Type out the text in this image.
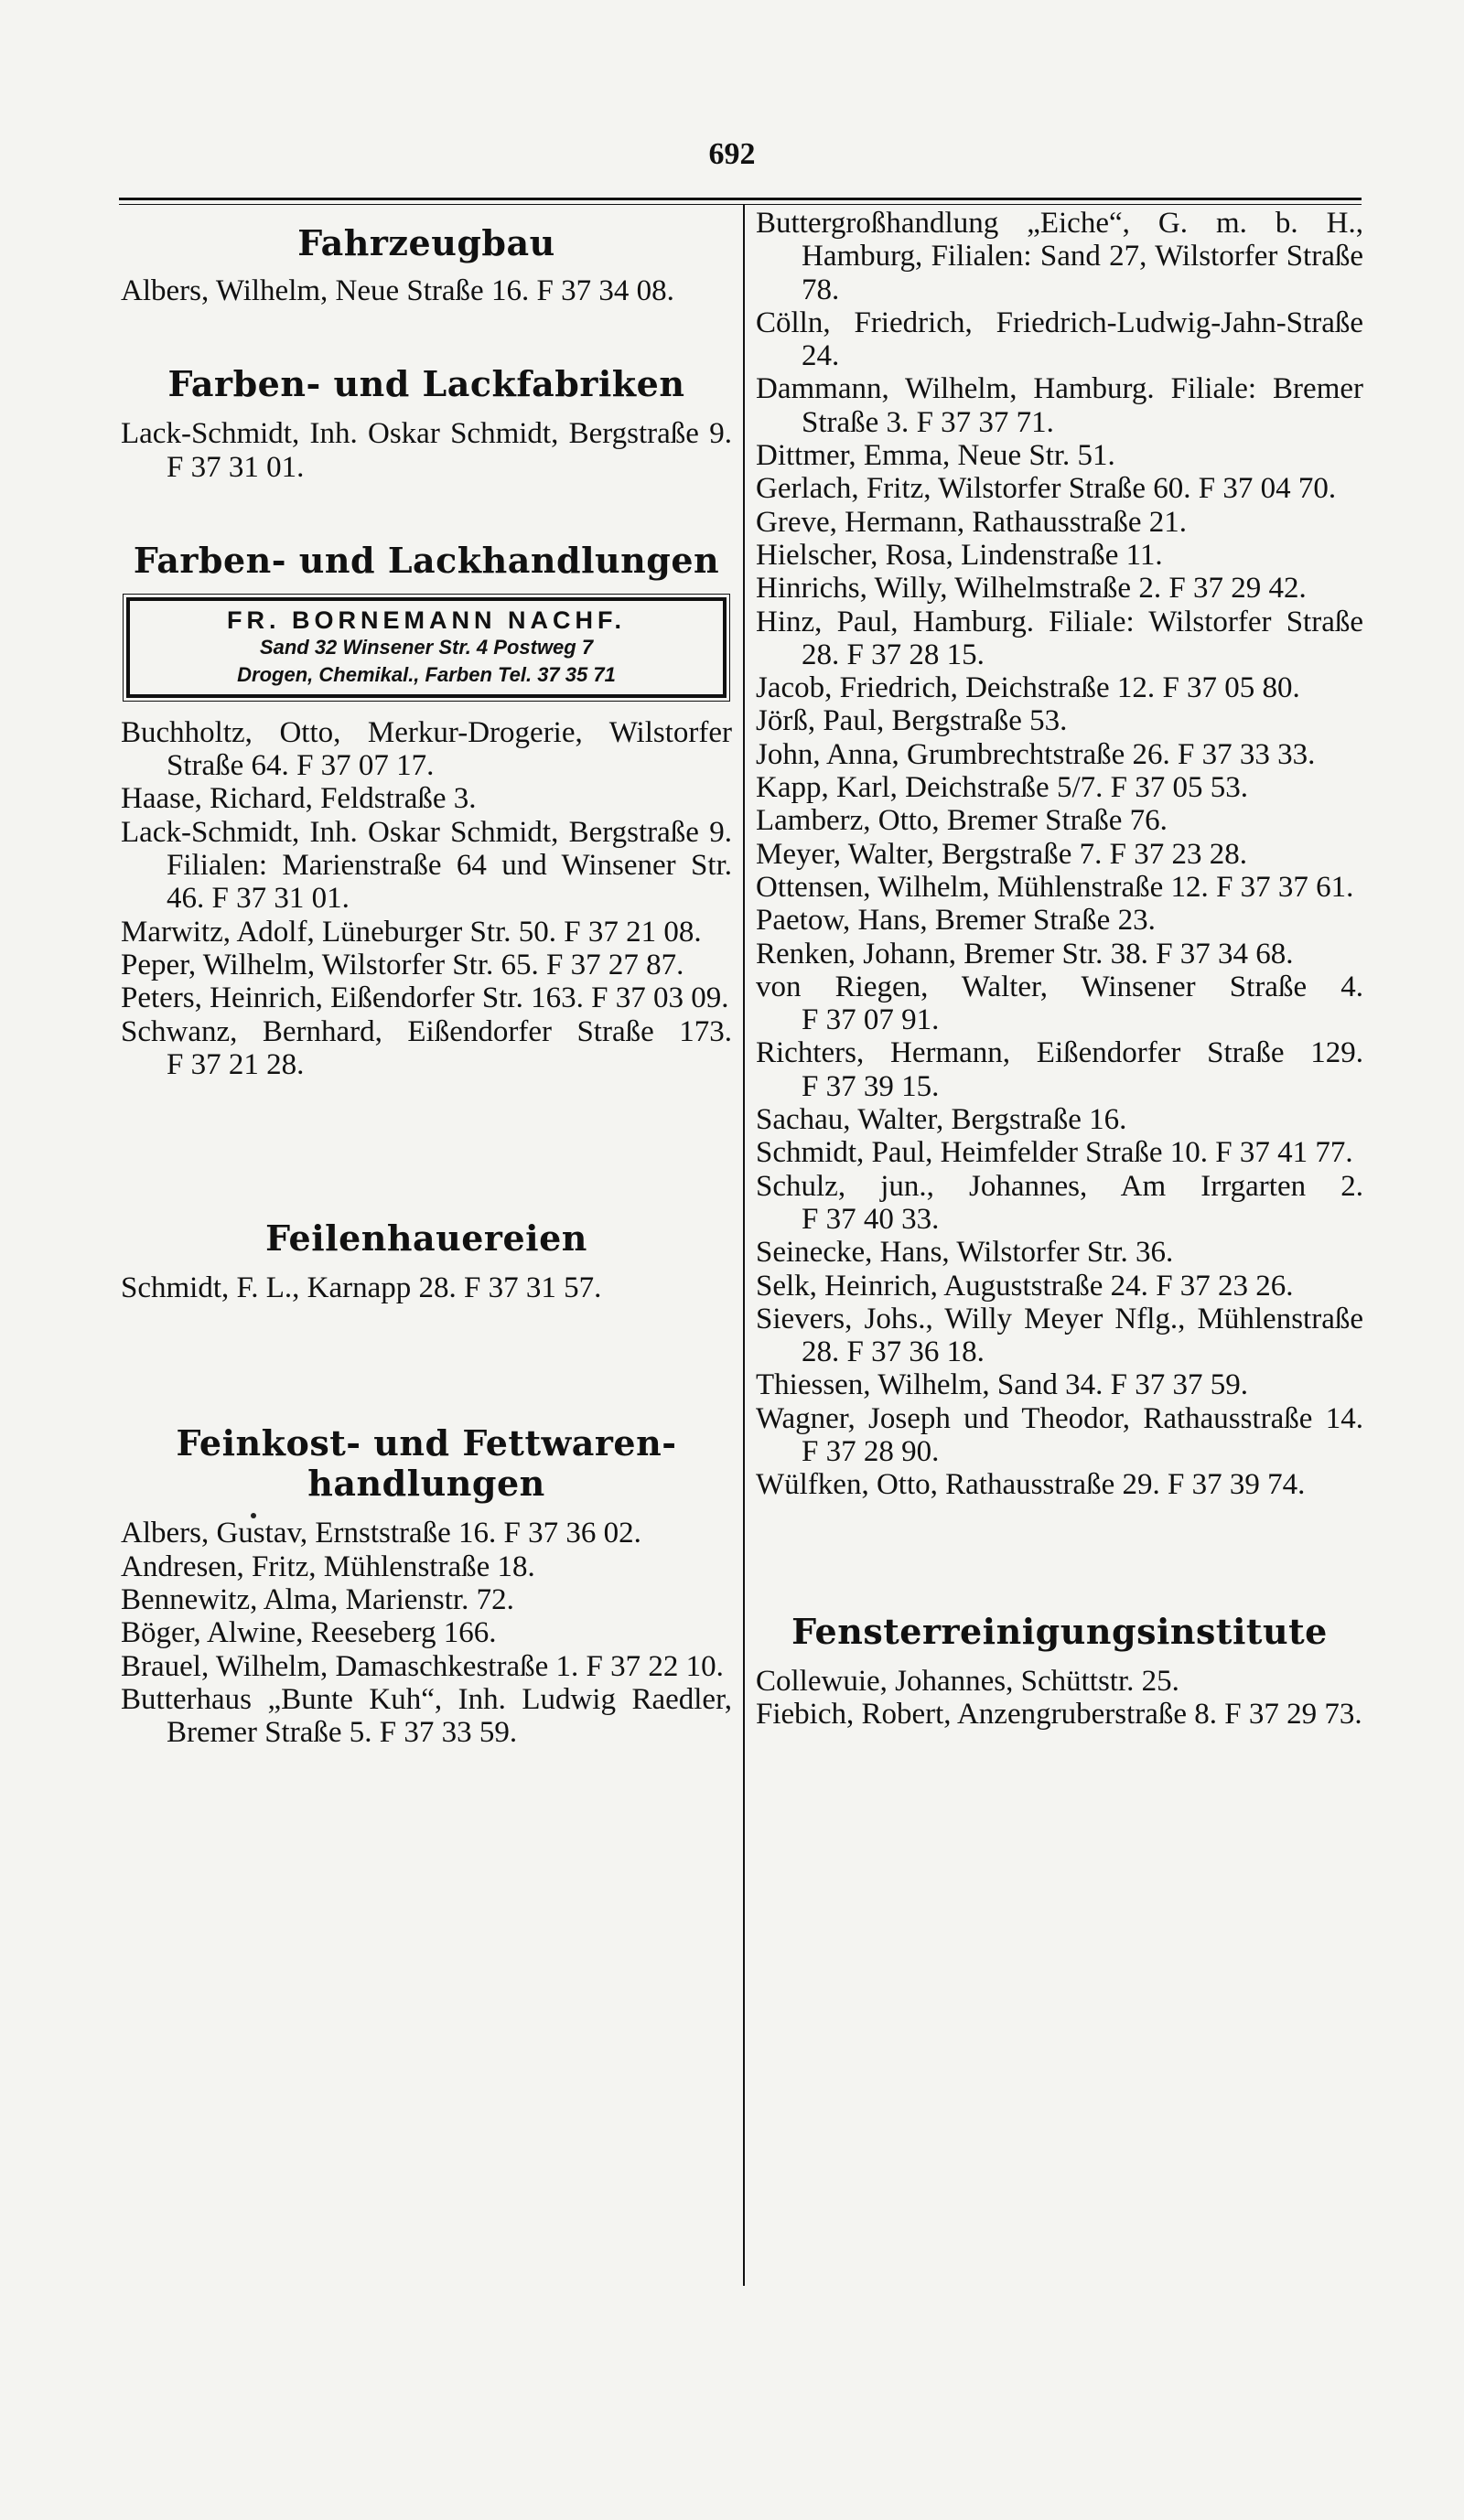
692

Fahrzeugbau

Albers, Wilhelm, Neue Straße 16. F 37 34 08.

Farben- und Lackfabriken

Lack-Schmidt, Inh. Oskar Schmidt, Bergstraße 9. F 37 31 01.

Farben- und Lackhandlungen

FR. BORNEMANN NACHF.
Sand 32 Winsener Str. 4 Postweg 7
Drogen, Chemikal., Farben Tel. 37 35 71

Buchholtz, Otto, Merkur-Drogerie, Wilstorfer Straße 64. F 37 07 17.

Haase, Richard, Feldstraße 3.

Lack-Schmidt, Inh. Oskar Schmidt, Bergstraße 9. Filialen: Marienstraße 64 und Winsener Str. 46. F 37 31 01.

Marwitz, Adolf, Lüneburger Str. 50. F 37 21 08.

Peper, Wilhelm, Wilstorfer Str. 65. F 37 27 87.

Peters, Heinrich, Eißendorfer Str. 163. F 37 03 09.

Schwanz, Bernhard, Eißendorfer Straße 173. F 37 21 28.

Feilenhauereien

Schmidt, F. L., Karnapp 28. F 37 31 57.

Feinkost- und Fettwaren-handlungen

Albers, Gustav, Ernststraße 16. F 37 36 02.

Andresen, Fritz, Mühlenstraße 18.

Bennewitz, Alma, Marienstr. 72.

Böger, Alwine, Reeseberg 166.

Brauel, Wilhelm, Damaschkestraße 1. F 37 22 10.

Butterhaus „Bunte Kuh“, Inh. Ludwig Raedler, Bremer Straße 5. F 37 33 59.

Buttergroßhandlung „Eiche“, G. m. b. H., Hamburg, Filialen: Sand 27, Wilstorfer Straße 78.

Cölln, Friedrich, Friedrich-Ludwig-Jahn-Straße 24.

Dammann, Wilhelm, Hamburg. Filiale: Bremer Straße 3. F 37 37 71.

Dittmer, Emma, Neue Str. 51.

Gerlach, Fritz, Wilstorfer Straße 60. F 37 04 70.

Greve, Hermann, Rathausstraße 21.

Hielscher, Rosa, Lindenstraße 11.

Hinrichs, Willy, Wilhelmstraße 2. F 37 29 42.

Hinz, Paul, Hamburg. Filiale: Wilstorfer Straße 28. F 37 28 15.

Jacob, Friedrich, Deichstraße 12. F 37 05 80.

Jörß, Paul, Bergstraße 53.

John, Anna, Grumbrechtstraße 26. F 37 33 33.

Kapp, Karl, Deichstraße 5/7. F 37 05 53.

Lamberz, Otto, Bremer Straße 76.

Meyer, Walter, Bergstraße 7. F 37 23 28.

Ottensen, Wilhelm, Mühlenstraße 12. F 37 37 61.

Paetow, Hans, Bremer Straße 23.

Renken, Johann, Bremer Str. 38. F 37 34 68.

von Riegen, Walter, Winsener Straße 4. F 37 07 91.

Richters, Hermann, Eißendorfer Straße 129. F 37 39 15.

Sachau, Walter, Bergstraße 16.

Schmidt, Paul, Heimfelder Straße 10. F 37 41 77.

Schulz, jun., Johannes, Am Irrgarten 2. F 37 40 33.

Seinecke, Hans, Wilstorfer Str. 36.

Selk, Heinrich, Auguststraße 24. F 37 23 26.

Sievers, Johs., Willy Meyer Nflg., Mühlenstraße 28. F 37 36 18.

Thiessen, Wilhelm, Sand 34. F 37 37 59.

Wagner, Joseph und Theodor, Rathausstraße 14. F 37 28 90.

Wülfken, Otto, Rathausstraße 29. F 37 39 74.

Fensterreinigungsinstitute

Collewuie, Johannes, Schüttstr. 25.

Fiebich, Robert, Anzengruberstraße 8. F 37 29 73.
